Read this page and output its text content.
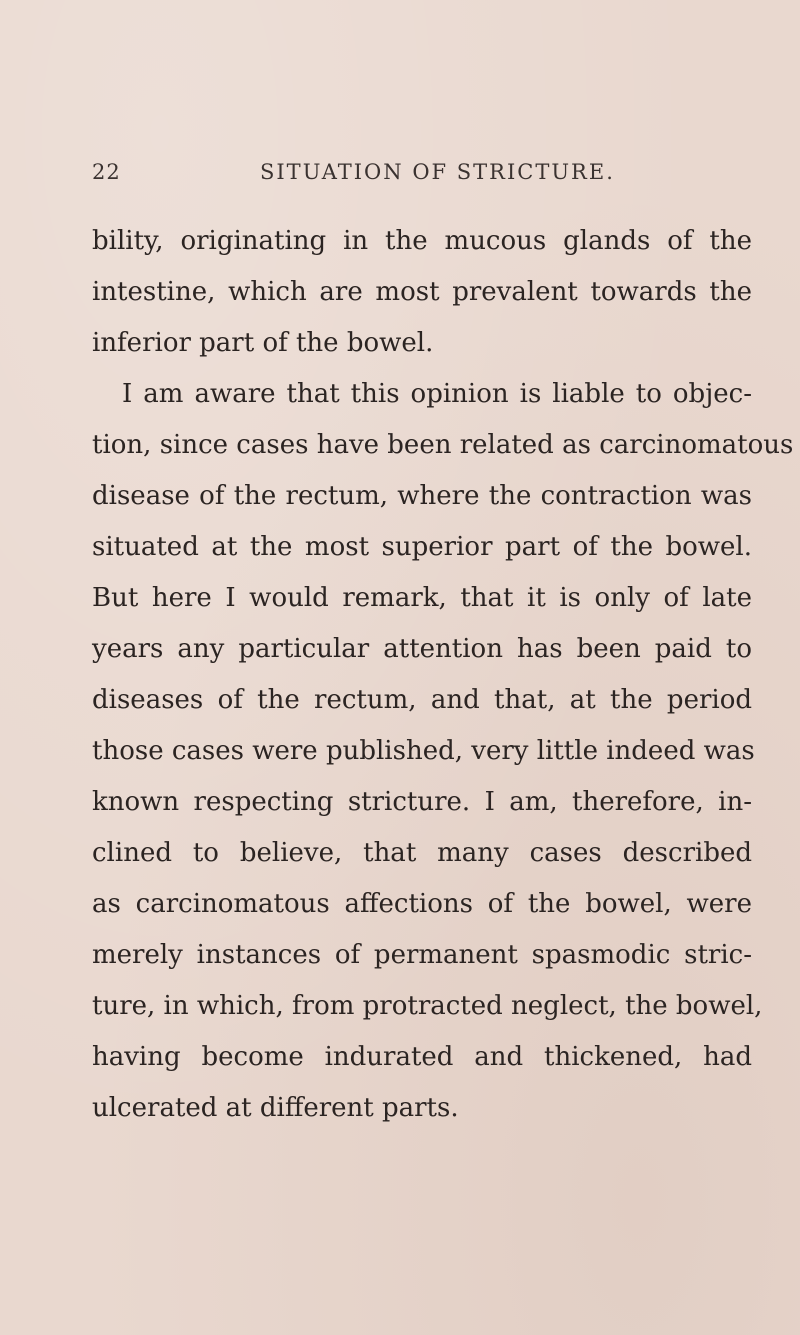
22	SITUATION OF STRICTURE.
bility, originating in the mucous glands of the
intestine, which are most prevalent towards the
inferior part of the bowel.
I am aware that this opinion is liable to objec-
tion, since cases have been related as carcinomatous
disease of the rectum, where the contraction was
situated at the most superior part of the bowel.
But here I would remark, that it is only of late
years any particular attention has been paid to
diseases of the rectum, and that, at the period
those cases were published, very little indeed was
known respecting stricture. I am, therefore, in-
clined to believe, that many cases described
as carcinomatous affections of the bowel, were
merely instances of permanent spasmodic stric-
ture, in which, from protracted neglect, the bowel,
having become indurated and thickened, had
ulcerated at different parts.
